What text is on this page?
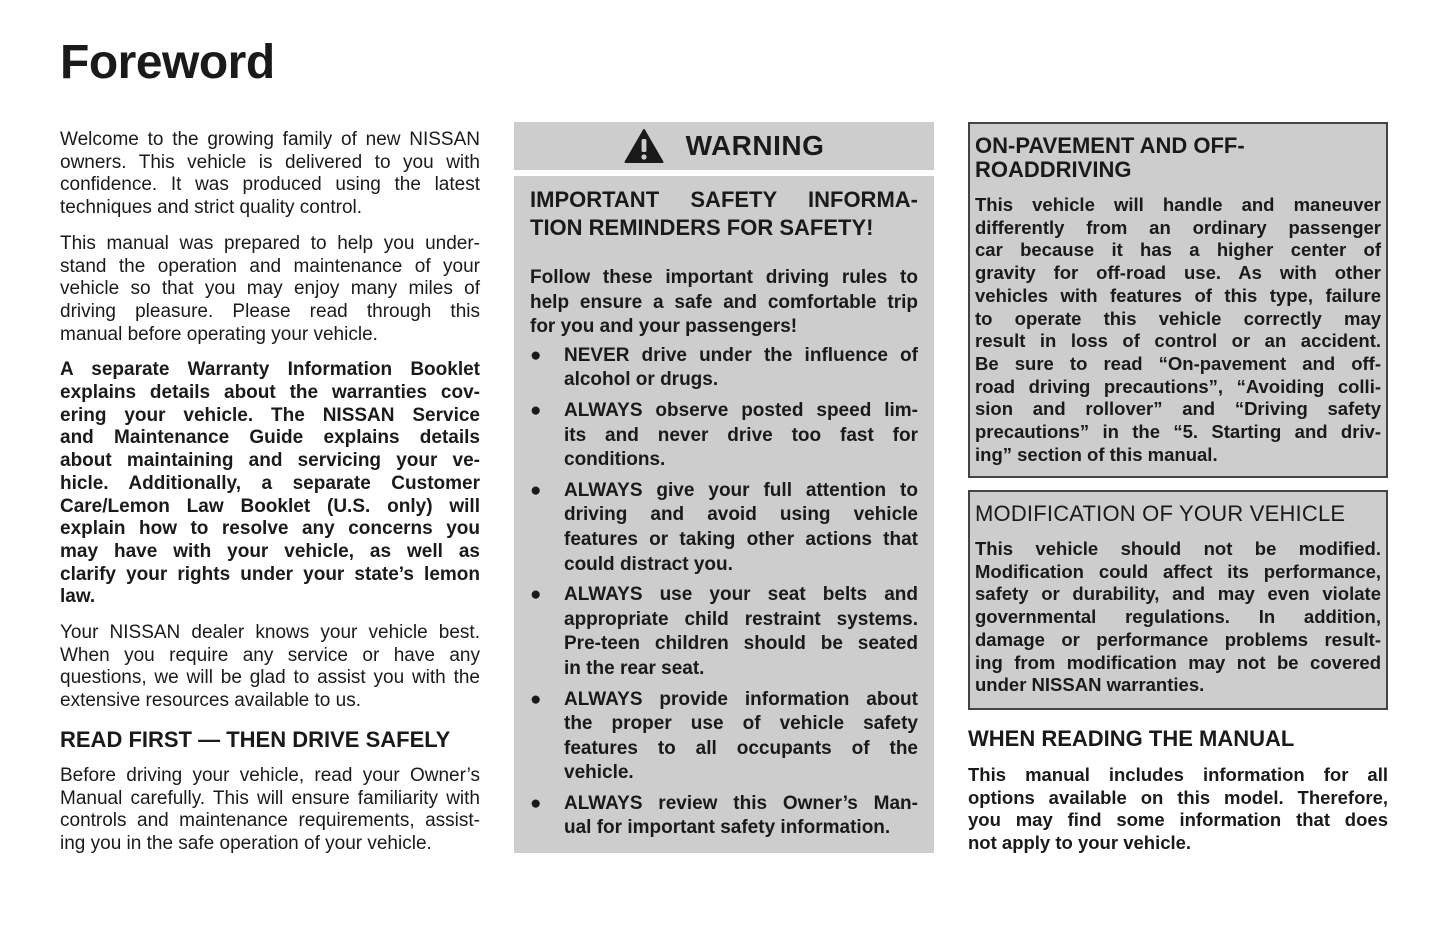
Foreword

Welcome to the growing family of new NISSAN
owners. This vehicle is delivered to you with
confidence. It was produced using the latest
techniques and strict quality control.

This manual was prepared to help you under-
stand the operation and maintenance of your
vehicle so that you may enjoy many miles of
driving pleasure. Please read through this
manual before operating your vehicle.

A separate Warranty Information Booklet
explains details about the warranties cov-
ering your vehicle. The NISSAN Service
and Maintenance Guide explains details
about maintaining and servicing your ve-
hicle. Additionally, a separate Customer
Care/Lemon Law Booklet (U.S. only) will
explain how to resolve any concerns you
may have with your vehicle, as well as
clarify your rights under your state’s lemon
law.

Your NISSAN dealer knows your vehicle best.
When you require any service or have any
questions, we will be glad to assist you with the
extensive resources available to us.

READ FIRST — THEN DRIVE SAFELY

Before driving your vehicle, read your Owner’s
Manual carefully. This will ensure familiarity with
controls and maintenance requirements, assist-
ing you in the safe operation of your vehicle.

WARNING
IMPORTANT SAFETY INFORMA-
TION REMINDERS FOR SAFETY!

Follow these important driving rules to
help ensure a safe and comfortable trip
for you and your passengers!

● NEVER drive under the influence of
alcohol or drugs.
● ALWAYS observe posted speed lim-
its and never drive too fast for
conditions.
● ALWAYS give your full attention to
driving and avoid using vehicle
features or taking other actions that
could distract you.
● ALWAYS use your seat belts and
appropriate child restraint systems.
Pre-teen children should be seated
in the rear seat.
● ALWAYS provide information about
the proper use of vehicle safety
features to all occupants of the
vehicle.
● ALWAYS review this Owner’s Man-
ual for important safety information.
ON-PAVEMENT AND OFF-ROADDRIVING

This vehicle will handle and maneuver
differently from an ordinary passenger
car because it has a higher center of
gravity for off-road use. As with other
vehicles with features of this type, failure
to operate this vehicle correctly may
result in loss of control or an accident.
Be sure to read “On-pavement and off-
road driving precautions”, “Avoiding colli-
sion and rollover” and “Driving safety
precautions” in the “5. Starting and driv-
ing” section of this manual.

MODIFICATION OF YOUR VEHICLE

This vehicle should not be modified.
Modification could affect its performance,
safety or durability, and may even violate
governmental regulations. In addition,
damage or performance problems result-
ing from modification may not be covered
under NISSAN warranties.

WHEN READING THE MANUAL

This manual includes information for all
options available on this model. Therefore,
you may find some information that does
not apply to your vehicle.
